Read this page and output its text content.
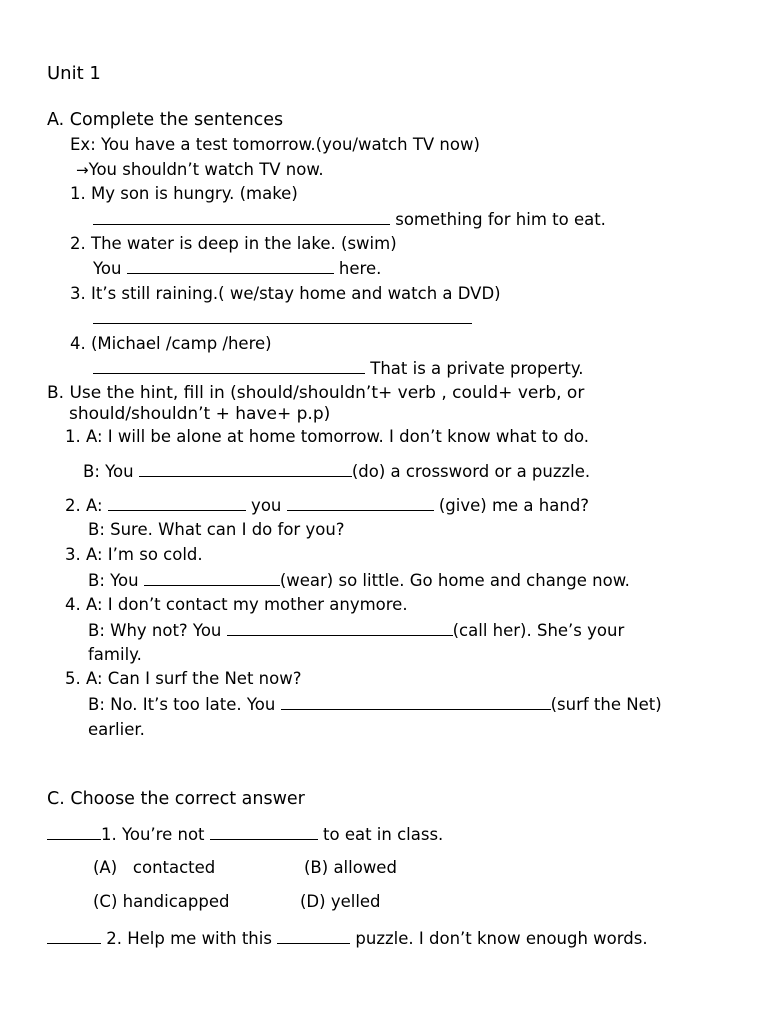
Unit 1
A. Complete the sentences
Ex: You have a test tomorrow.(you/watch TV now)
→You shouldn’t watch TV now.
1. My son is hungry. (make)
something for him to eat.
2. The water is deep in the lake. (swim)
You	here.
3. It’s still raining.( we/stay home and watch a DVD)
4. (Michael /camp /here)
That is a private property.
B. Use the hint, fill in (should/shouldn’t+ verb , could+ verb, or
should/shouldn’t + have+ p.p)
1. A: I will be alone at home tomorrow. I don’t know what to do.
B: You	(do) a crossword or a puzzle.
2. A:	you	(give) me a hand?
B: Sure. What can I do for you?
3. A: I’m so cold.
B: You	(wear) so little. Go home and change now.
4. A: I don’t contact my mother anymore.
B: Why not? You	(call her). She’s your
family.
5. A: Can I surf the Net now?
B: No. It’s too late. You	(surf the Net)
earlier.
C. Choose the correct answer
1. You’re not	to eat in class.
(A)   contacted	(B) allowed
(C) handicapped	(D) yelled
2. Help me with this	puzzle. I don’t know enough words.
